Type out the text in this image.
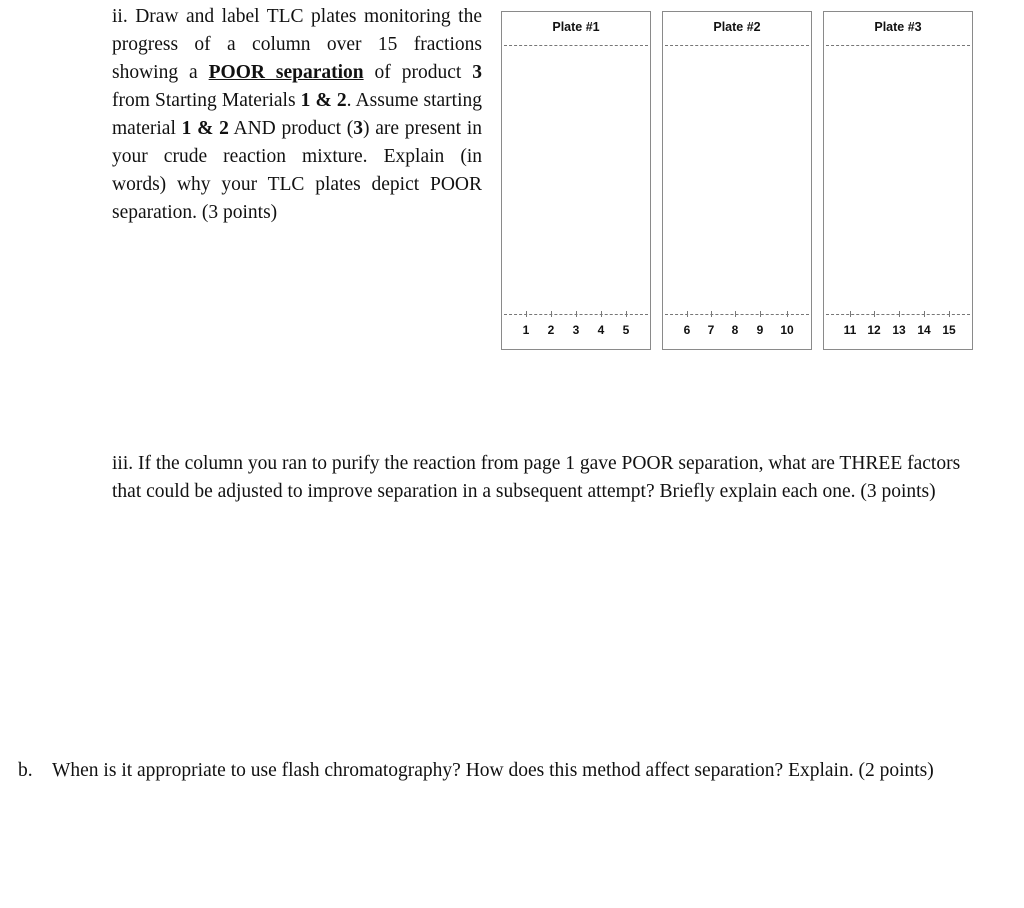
ii. Draw and label TLC plates monitoring the progress of a column over 15 fractions showing a POOR separation of product 3 from Starting Materials 1 & 2. Assume starting material 1 & 2 AND product (3) are present in your crude reaction mixture. Explain (in words) why your TLC plates depict POOR separation. (3 points)
Plate #1
1	2	3	4	5
Plate #2
6	7	8	9	10
Plate #3
11 12 13 14 15
iii. If the column you ran to purify the reaction from page 1 gave POOR separation, what are THREE factors that could be adjusted to improve separation in a subsequent attempt? Briefly explain each one. (3 points)
b. When is it appropriate to use flash chromatography? How does this method affect separation? Explain. (2 points)
